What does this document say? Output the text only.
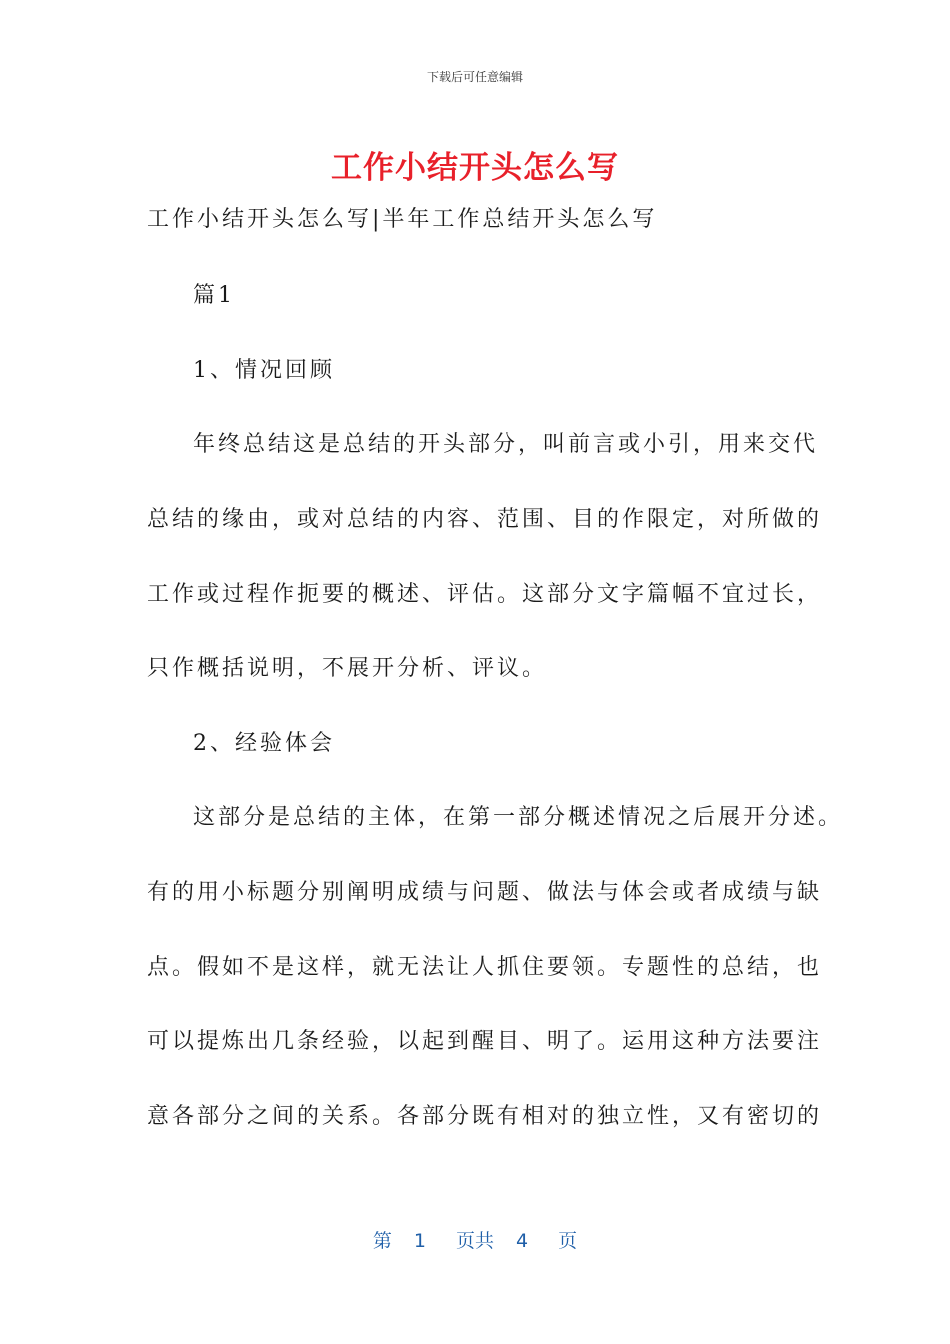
下载后可任意编辑
工作小结开头怎么写
工作小结开头怎么写|半年工作总结开头怎么写
篇1
1、情况回顾
年终总结这是总结的开头部分，叫前言或小引，用来交代
总结的缘由，或对总结的内容、范围、目的作限定，对所做的
工作或过程作扼要的概述、评估。这部分文字篇幅不宜过长，
只作概括说明，不展开分析、评议。
2、经验体会
这部分是总结的主体，在第一部分概述情况之后展开分述。
有的用小标题分别阐明成绩与问题、做法与体会或者成绩与缺
点。假如不是这样，就无法让人抓住要领。专题性的总结，也
可以提炼出几条经验，以起到醒目、明了。运用这种方法要注
意各部分之间的关系。各部分既有相对的独立性，又有密切的
第 1 页共 4 页
